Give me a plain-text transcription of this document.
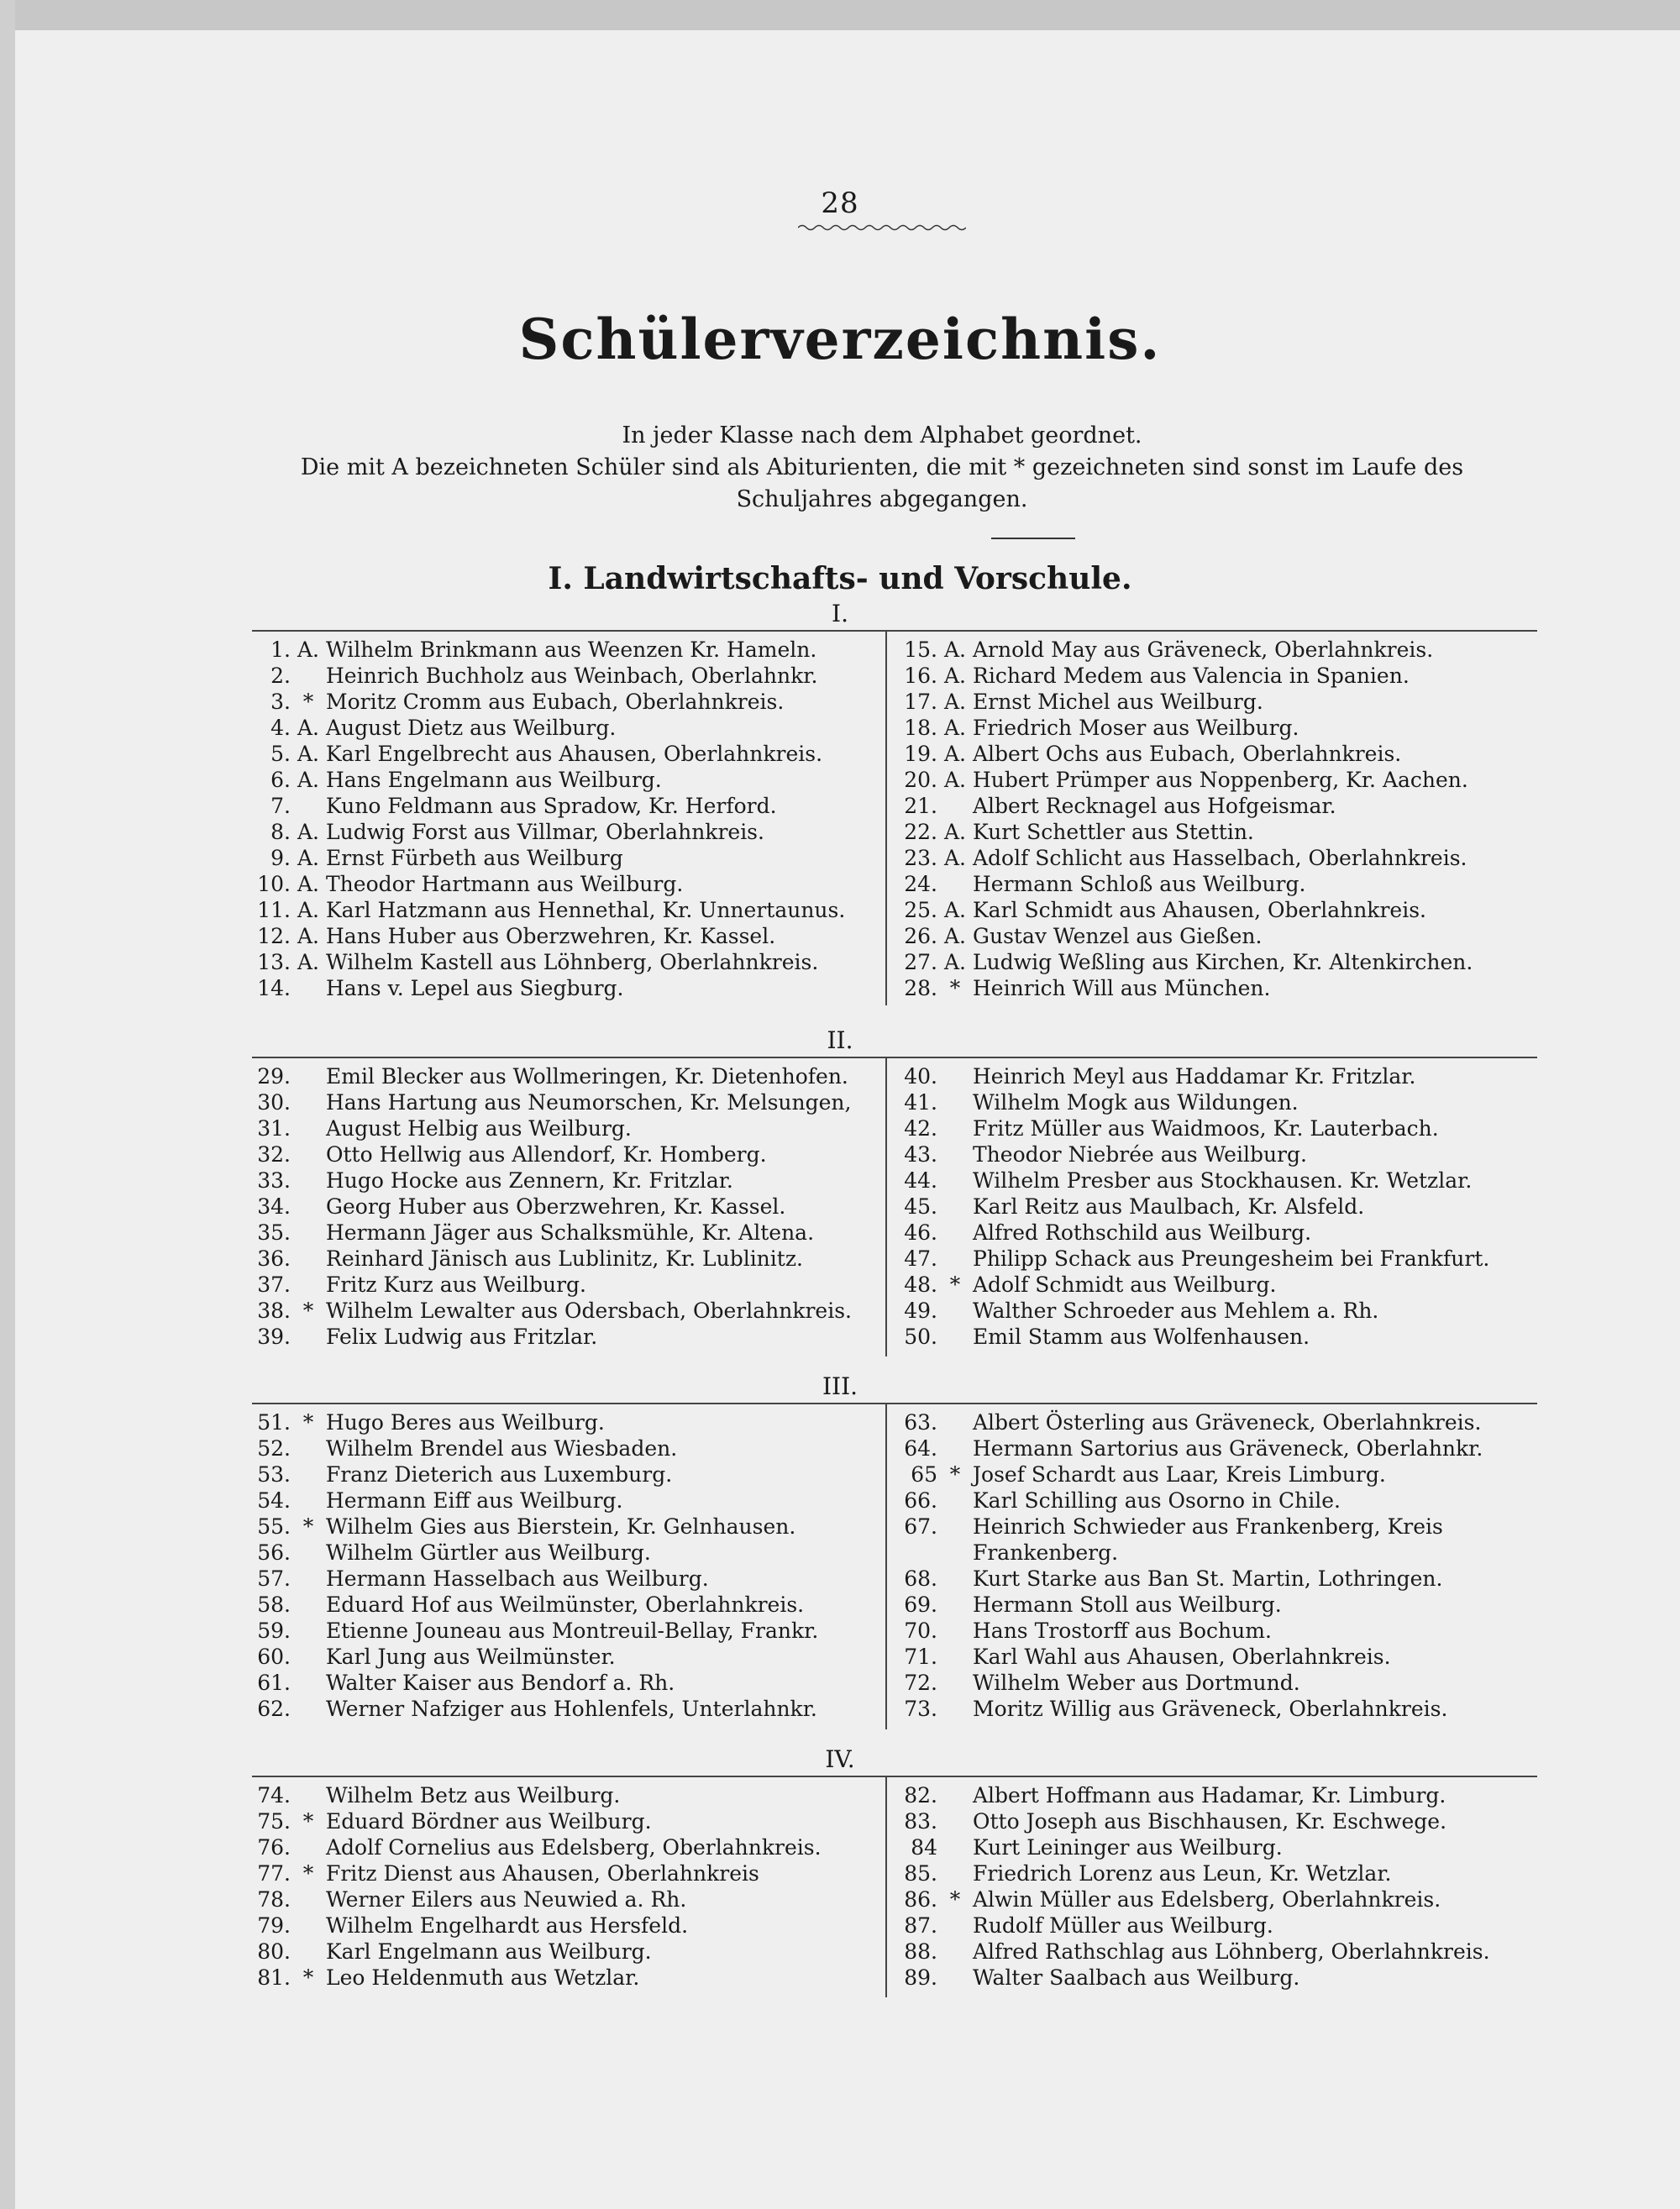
28
Schülerverzeichnis.
In jeder Klasse nach dem Alphabet geordnet.
Die mit A bezeichneten Schüler sind als Abiturienten, die mit * gezeichneten sind sonst im Laufe des Schuljahres abgegangen.
I. Landwirtschafts- und Vorschule.
I.
1. A. Wilhelm Brinkmann aus Weenzen Kr. Hameln.
2. Heinrich Buchholz aus Weinbach, Oberlahnkr.
3. * Moritz Cromm aus Eubach, Oberlahnkreis.
4. A. August Dietz aus Weilburg.
5. A. Karl Engelbrecht aus Ahausen, Oberlahnkreis.
6. A. Hans Engelmann aus Weilburg.
7. Kuno Feldmann aus Spradow, Kr. Herford.
8. A. Ludwig Forst aus Villmar, Oberlahnkreis.
9. A. Ernst Fürbeth aus Weilburg
10. A. Theodor Hartmann aus Weilburg.
11. A. Karl Hatzmann aus Hennethal, Kr. Unnertaunus.
12. A. Hans Huber aus Oberzwehren, Kr. Kassel.
13. A. Wilhelm Kastell aus Löhnberg, Oberlahnkreis.
14. Hans v. Lepel aus Siegburg.
15. A. Arnold May aus Gräveneck, Oberlahnkreis.
16. A. Richard Medem aus Valencia in Spanien.
17. A. Ernst Michel aus Weilburg.
18. A. Friedrich Moser aus Weilburg.
19. A. Albert Ochs aus Eubach, Oberlahnkreis.
20. A. Hubert Prümper aus Noppenberg, Kr. Aachen.
21. Albert Recknagel aus Hofgeismar.
22. A. Kurt Schettler aus Stettin.
23. A. Adolf Schlicht aus Hasselbach, Oberlahnkreis.
24. Hermann Schloß aus Weilburg.
25. A. Karl Schmidt aus Ahausen, Oberlahnkreis.
26. A. Gustav Wenzel aus Gießen.
27. A. Ludwig Weßling aus Kirchen, Kr. Altenkirchen.
28. * Heinrich Will aus München.
II.
29. Emil Blecker aus Wollmeringen, Kr. Dietenhofen.
30. Hans Hartung aus Neumorschen, Kr. Melsungen,
31. August Helbig aus Weilburg.
32. Otto Hellwig aus Allendorf, Kr. Homberg.
33. Hugo Hocke aus Zennern, Kr. Fritzlar.
34. Georg Huber aus Oberzwehren, Kr. Kassel.
35. Hermann Jäger aus Schalksmühle, Kr. Altena.
36. Reinhard Jänisch aus Lublinitz, Kr. Lublinitz.
37. Fritz Kurz aus Weilburg.
38. * Wilhelm Lewalter aus Odersbach, Oberlahnkreis.
39. Felix Ludwig aus Fritzlar.
40. Heinrich Meyl aus Haddamar Kr. Fritzlar.
41. Wilhelm Mogk aus Wildungen.
42. Fritz Müller aus Waidmoos, Kr. Lauterbach.
43. Theodor Niebrée aus Weilburg.
44. Wilhelm Presber aus Stockhausen. Kr. Wetzlar.
45. Karl Reitz aus Maulbach, Kr. Alsfeld.
46. Alfred Rothschild aus Weilburg.
47. Philipp Schack aus Preungesheim bei Frankfurt.
48. * Adolf Schmidt aus Weilburg.
49. Walther Schroeder aus Mehlem a. Rh.
50. Emil Stamm aus Wolfenhausen.
III.
51. * Hugo Beres aus Weilburg.
52. Wilhelm Brendel aus Wiesbaden.
53. Franz Dieterich aus Luxemburg.
54. Hermann Eiff aus Weilburg.
55. * Wilhelm Gies aus Bierstein, Kr. Gelnhausen.
56. Wilhelm Gürtler aus Weilburg.
57. Hermann Hasselbach aus Weilburg.
58. Eduard Hof aus Weilmünster, Oberlahnkreis.
59. Etienne Jouneau aus Montreuil-Bellay, Frankr.
60. Karl Jung aus Weilmünster.
61. Walter Kaiser aus Bendorf a. Rh.
62. Werner Nafziger aus Hohlenfels, Unterlahnkr.
63. Albert Österling aus Gräveneck, Oberlahnkreis.
64. Hermann Sartorius aus Gräveneck, Oberlahnkr.
65 * Josef Schardt aus Laar, Kreis Limburg.
66. Karl Schilling aus Osorno in Chile.
67. Heinrich Schwieder aus Frankenberg, Kreis
Frankenberg.
68. Kurt Starke aus Ban St. Martin, Lothringen.
69. Hermann Stoll aus Weilburg.
70. Hans Trostorff aus Bochum.
71. Karl Wahl aus Ahausen, Oberlahnkreis.
72. Wilhelm Weber aus Dortmund.
73. Moritz Willig aus Gräveneck, Oberlahnkreis.
IV.
74. Wilhelm Betz aus Weilburg.
75. * Eduard Bördner aus Weilburg.
76. Adolf Cornelius aus Edelsberg, Oberlahnkreis.
77. * Fritz Dienst aus Ahausen, Oberlahnkreis
78. Werner Eilers aus Neuwied a. Rh.
79. Wilhelm Engelhardt aus Hersfeld.
80. Karl Engelmann aus Weilburg.
81. * Leo Heldenmuth aus Wetzlar.
82. Albert Hoffmann aus Hadamar, Kr. Limburg.
83. Otto Joseph aus Bischhausen, Kr. Eschwege.
84 Kurt Leininger aus Weilburg.
85. Friedrich Lorenz aus Leun, Kr. Wetzlar.
86. * Alwin Müller aus Edelsberg, Oberlahnkreis.
87. Rudolf Müller aus Weilburg.
88. Alfred Rathschlag aus Löhnberg, Oberlahnkreis.
89. Walter Saalbach aus Weilburg.
